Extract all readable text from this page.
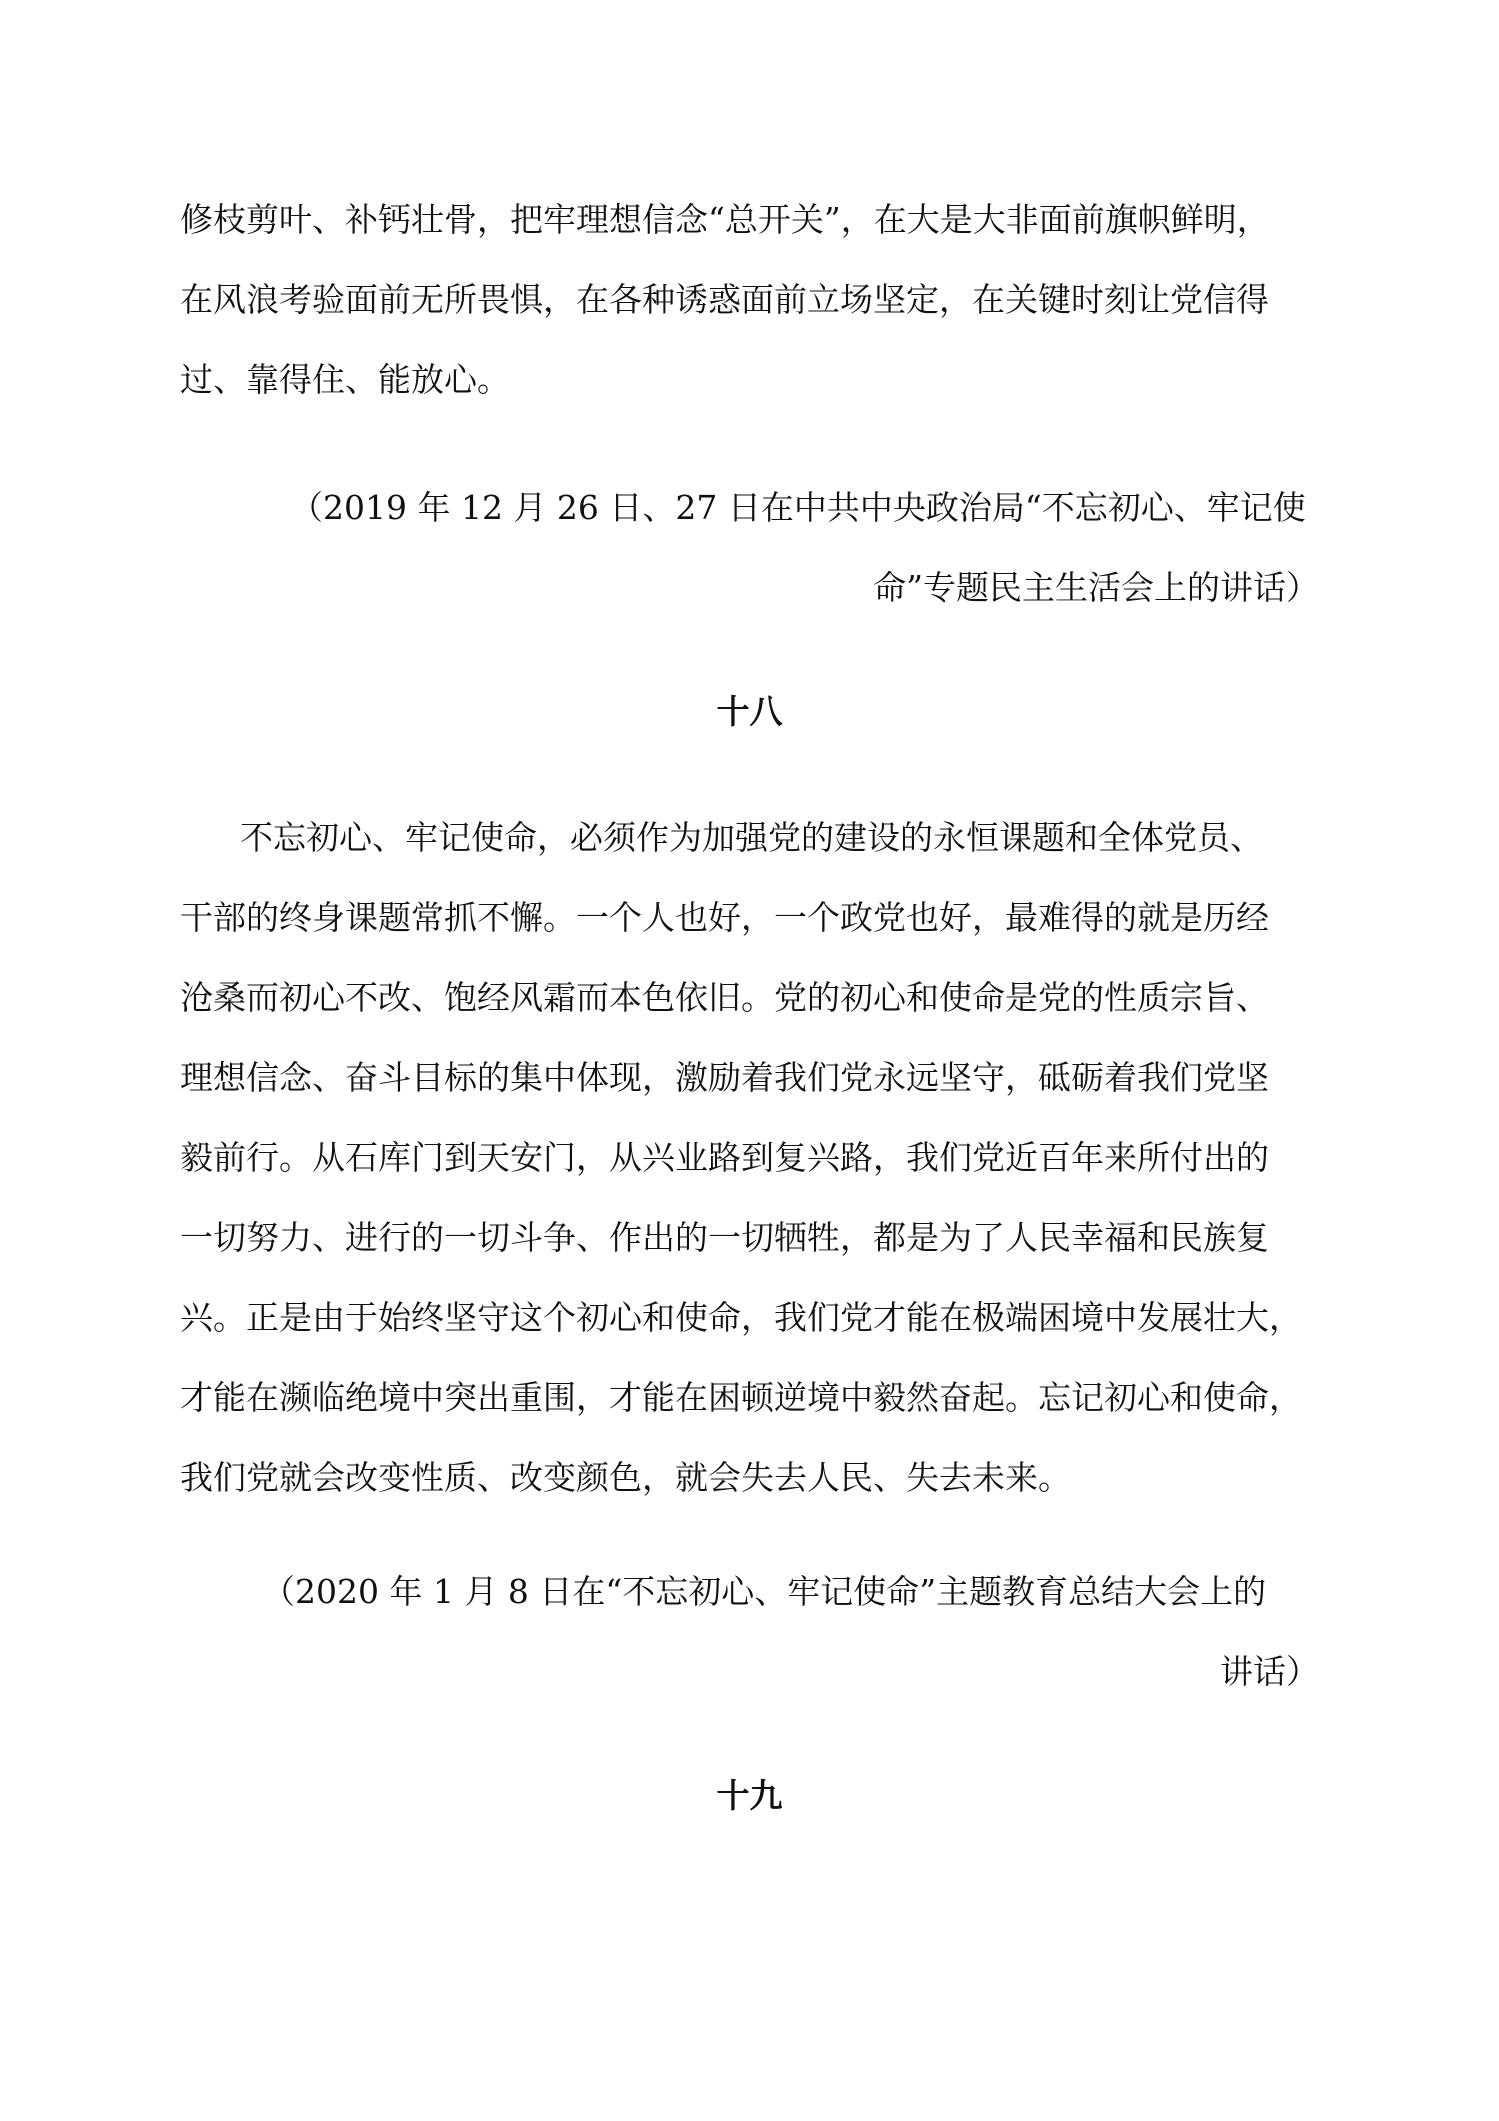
修枝剪叶、补钙壮骨，把牢理想信念“总开关”，在大是大非面前旗帜鲜明，
在风浪考验面前无所畏惧，在各种诱惑面前立场坚定，在关键时刻让党信得
过、靠得住、能放心。
（2019 年 12 月 26 日、27 日在中共中央政治局“不忘初心、牢记使
命”专题民主生活会上的讲话）
十八
不忘初心、牢记使命，必须作为加强党的建设的永恒课题和全体党员、
干部的终身课题常抓不懈。一个人也好，一个政党也好，最难得的就是历经
沧桑而初心不改、饱经风霜而本色依旧。党的初心和使命是党的性质宗旨、
理想信念、奋斗目标的集中体现，激励着我们党永远坚守，砥砺着我们党坚
毅前行。从石库门到天安门，从兴业路到复兴路，我们党近百年来所付出的
一切努力、进行的一切斗争、作出的一切牺牲，都是为了人民幸福和民族复
兴。正是由于始终坚守这个初心和使命，我们党才能在极端困境中发展壮大，
才能在濒临绝境中突出重围，才能在困顿逆境中毅然奋起。忘记初心和使命，
我们党就会改变性质、改变颜色，就会失去人民、失去未来。
（2020 年 1 月 8 日在“不忘初心、牢记使命”主题教育总结大会上的
讲话）
十九
